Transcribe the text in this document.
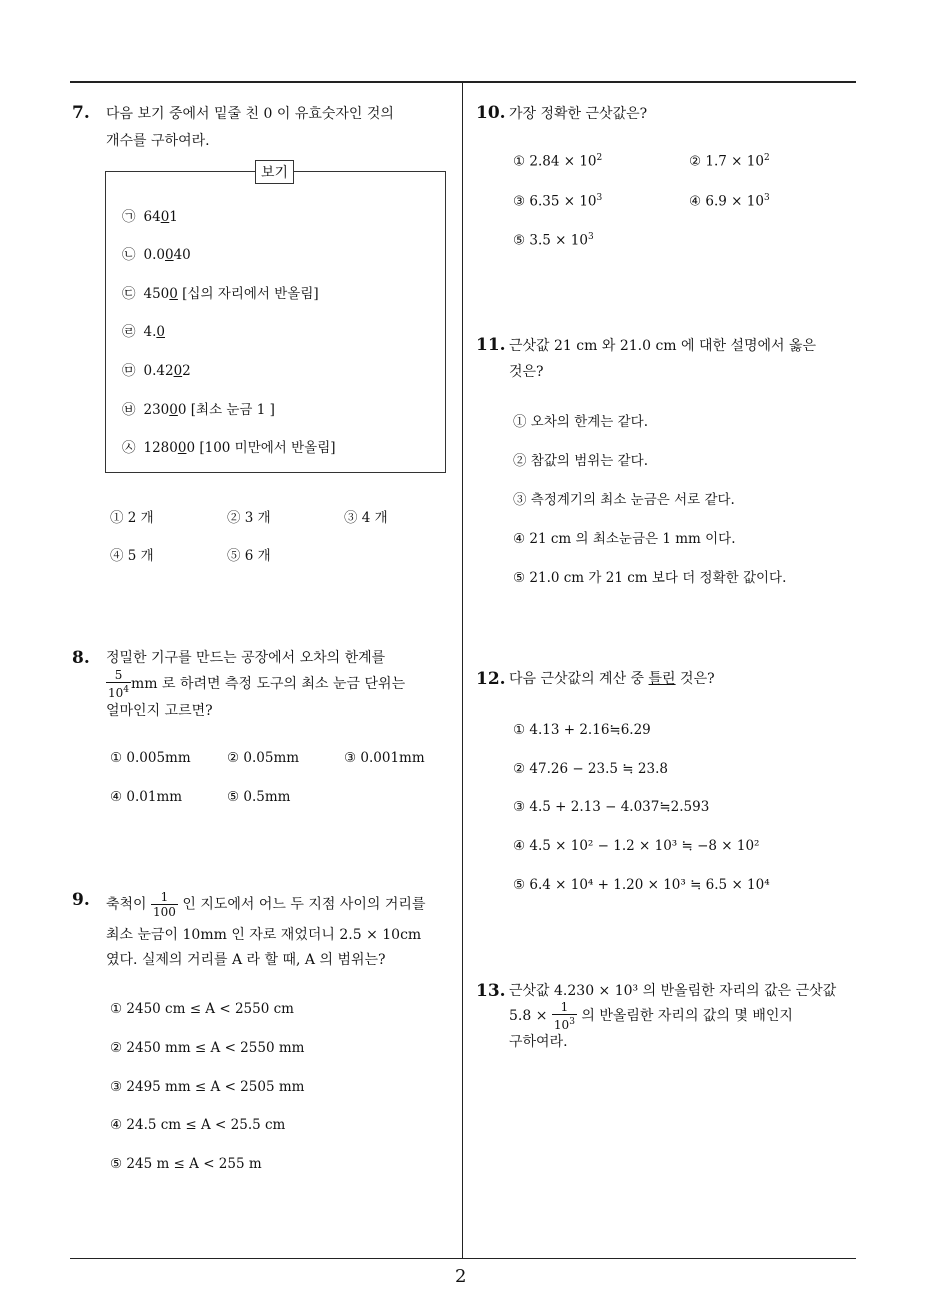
2
7. 다음 보기 중에서 밑줄 친 0 이 유효숫자인 것의
개수를 구하여라.
보기
㉠ 6401
㉡ 0.0040
㉢ 4500 [십의 자리에서 반올림]
㉣ 4.0
㉤ 0.4202
㉥ 23000 [최소 눈금 1 ]
㉦ 128000 [100 미만에서 반올림]
① 2 개	② 3 개	③ 4 개
④ 5 개	⑤ 6 개
8. 정밀한 기구를 만드는 공장에서 오차의 한계를
$\frac{5}{10^4}$ mm 로 하려면 측정 도구의 최소 눈금 단위는
얼마인지 고르면?
① 0.005mm	② 0.05mm	③ 0.001mm
④ 0.01mm	⑤ 0.5mm
9. 축척이 $\frac{1}{100}$ 인 지도에서 어느 두 지점 사이의 거리를
최소 눈금이 10mm 인 자로 재었더니 2.5 × 10cm
였다. 실제의 거리를 A 라 할 때, A 의 범위는?
① 2450 cm ≤ A < 2550 cm
② 2450 mm ≤ A < 2550 mm
③ 2495 mm ≤ A < 2505 mm
④ 24.5 cm ≤ A < 25.5 cm
⑤ 245 m ≤ A < 255 m
10. 가장 정확한 근삿값은?
① $2.84 \times 10^2$	② $1.7 \times 10^2$
③ $6.35 \times 10^3$	④ $6.9 \times 10^3$
⑤ $3.5 \times 10^3$
11. 근삿값 21 cm 와 21.0 cm 에 대한 설명에서 옳은
것은?
① 오차의 한계는 같다.
② 참값의 범위는 같다.
③ 측정계기의 최소 눈금은 서로 같다.
④ 21 cm 의 최소눈금은 1 mm 이다.
⑤ 21.0 cm 가 21 cm 보다 더 정확한 값이다.
12. 다음 근삿값의 계산 중 틀린 것은?
① 4.13 + 2.16≒6.29
② 47.26 − 23.5 ≒ 23.8
③ 4.5 + 2.13 − 4.037≒2.593
④ 4.5 × 10² − 1.2 × 10³ ≒ −8 × 10²
⑤ 6.4 × 10⁴ + 1.20 × 10³ ≒ 6.5 × 10⁴
13. 근삿값 4.230 × 10³ 의 반올림한 자리의 값은 근삿값
$5.8 \times \frac{1}{10^3}$ 의 반올림한 자리의 값의 몇 배인지
구하여라.
